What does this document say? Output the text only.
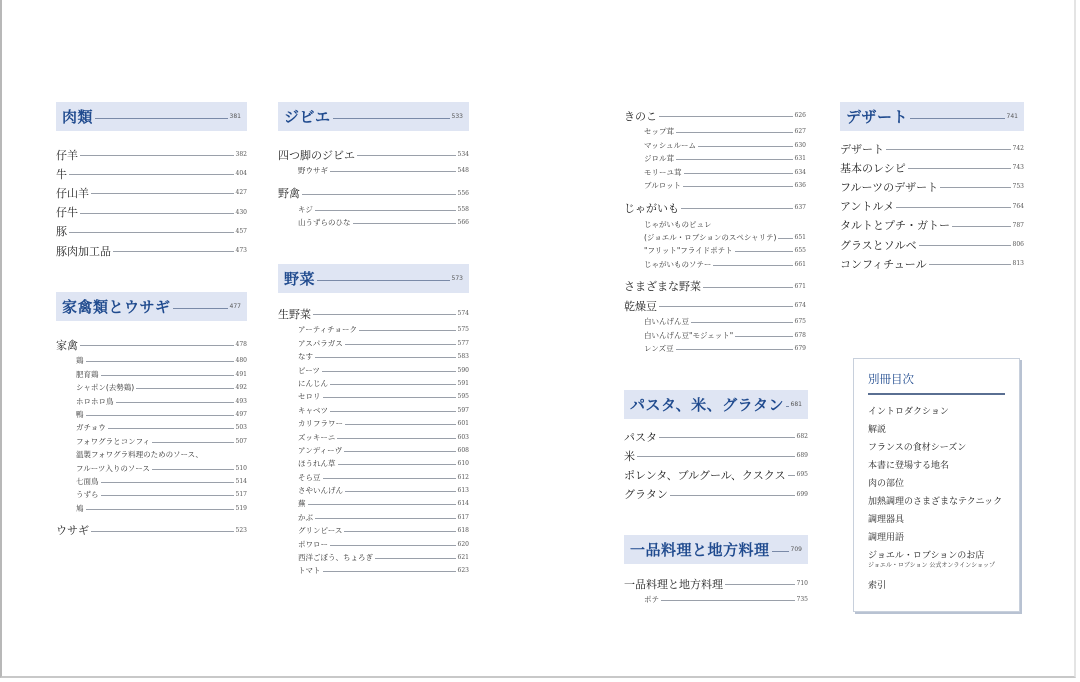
肉類	381
仔羊	382
牛	404
仔山羊	427
仔牛	430
豚	457
豚肉加工品	473
家禽類とウサギ	477
家禽	478
鶏	480
肥育鶏	491
シャポン(去勢鶏)	492
ホロホロ鳥	493
鴨	497
ガチョウ	503
フォワグラとコンフィ	507
温製フォワグラ料理のためのソース、
フルーツ入りのソース	510
七面鳥	514
うずら	517
鳩	519
ウサギ	523
ジビエ	533
四つ脚のジビエ	534
野ウサギ	548
野禽	556
キジ	558
山うずらのひな	566
野菜	573
生野菜	574
アーティチョーク	575
アスパラガス	577
なす	583
ビーツ	590
にんじん	591
セロリ	595
キャベツ	597
カリフラワー	601
ズッキーニ	603
アンディーヴ	608
ほうれん草	610
そら豆	612
さやいんげん	613
蕪	614
かぶ	617
グリンピース	618
ポワロー	620
西洋ごぼう、ちょろぎ	621
トマト	623
きのこ	626
セップ茸	627
マッシュルーム	630
ジロル茸	631
モリーユ茸	634
ブルロット	636
じゃがいも	637
じゃがいものピュレ
(ジョエル・ロブションのスペシャリテ)	651
"フリット"フライドポテト	655
じゃがいものソテー	661
さまざまな野菜	671
乾燥豆	674
白いんげん豆	675
白いんげん豆"モジェット"	678
レンズ豆	679
パスタ、米、グラタン 681
パスタ	682
米	689
ポレンタ、ブルグール、クスクス 695
グラタン	699
一品料理と地方料理	709
一品料理と地方料理	710
ポテ	735
デザート	741
デザート	742
基本のレシピ	743
フルーツのデザート	753
アントルメ	764
タルトとプチ・ガトー	787
グラスとソルベ	806
コンフィチュール	813
別冊目次
イントロダクション
解説
フランスの食材シーズン
本書に登場する地名
肉の部位
加熱調理のさまざまなテクニック
調理器具
調理用語
ジョエル・ロブションのお店
ジョエル・ロブション 公式オンラインショップ
索引
